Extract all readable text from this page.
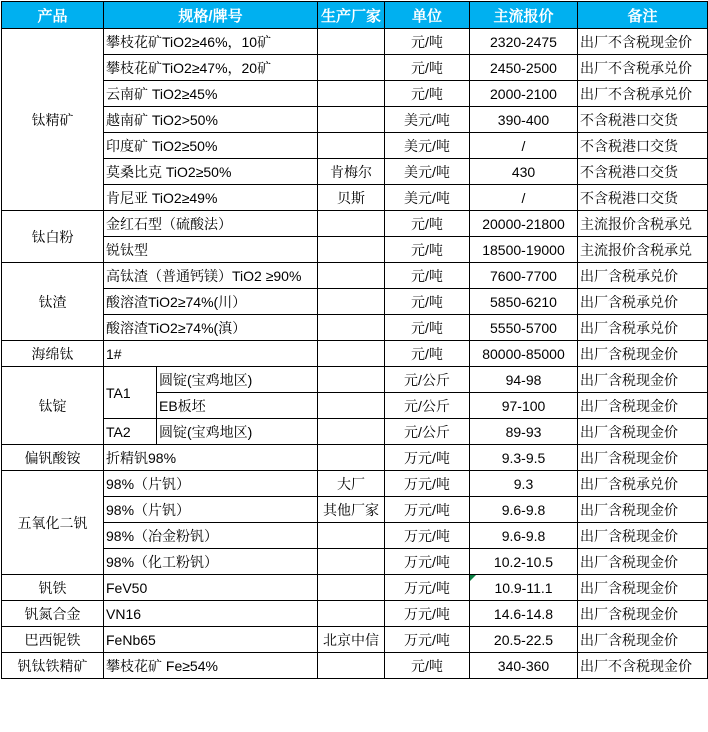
产品	规格/牌号		生产厂家	单位	主流报价	备注
钛精矿	攀枝花矿TiO2≥46%，10矿			元/吨	2320-2475	出厂不含税现金价
	攀枝花矿TiO2≥47%，20矿			元/吨	2450-2500	出厂不含税承兑价
	云南矿 TiO2≥45%			元/吨	2000-2100	出厂不含税承兑价
	越南矿 TiO2>50%			美元/吨	390-400	不含税港口交货
	印度矿 TiO2≥50%			美元/吨	/	不含税港口交货
	莫桑比克 TiO2≥50%		肯梅尔	美元/吨	430	不含税港口交货
	肯尼亚 TiO2≥49%		贝斯	美元/吨	/	不含税港口交货
钛白粉	金红石型（硫酸法）			元/吨	20000-21800	主流报价含税承兑
	锐钛型			元/吨	18500-19000	主流报价含税承兑
钛渣	高钛渣（普通钙镁）TiO2 ≥90%			元/吨	7600-7700	出厂含税承兑价
	酸溶渣TiO2≥74%(川）			元/吨	5850-6210	出厂含税承兑价
	酸溶渣TiO2≥74%(滇）			元/吨	5550-5700	出厂含税承兑价
海绵钛	1#			元/吨	80000-85000	出厂含税现金价
钛锭	TA1	圆锭(宝鸡地区)		元/公斤	94-98	出厂含税现金价
		EB板坯		元/公斤	97-100	出厂含税现金价
	TA2	圆锭(宝鸡地区)		元/公斤	89-93	出厂含税现金价
偏钒酸铵	折精钒98%			万元/吨	9.3-9.5	出厂含税现金价
五氧化二钒	98%（片钒）		大厂	万元/吨	9.3	出厂含税承兑价
	98%（片钒）		其他厂家	万元/吨	9.6-9.8	出厂含税现金价
	98%（冶金粉钒）			万元/吨	9.6-9.8	出厂含税现金价
	98%（化工粉钒）			万元/吨	10.2-10.5	出厂含税现金价
钒铁	FeV50			万元/吨	10.9-11.1	出厂含税现金价
钒氮合金	VN16			万元/吨	14.6-14.8	出厂含税现金价
巴西铌铁	FeNb65		北京中信	万元/吨	20.5-22.5	出厂含税现金价
钒钛铁精矿	攀枝花矿 Fe≥54%			元/吨	340-360	出厂不含税现金价
